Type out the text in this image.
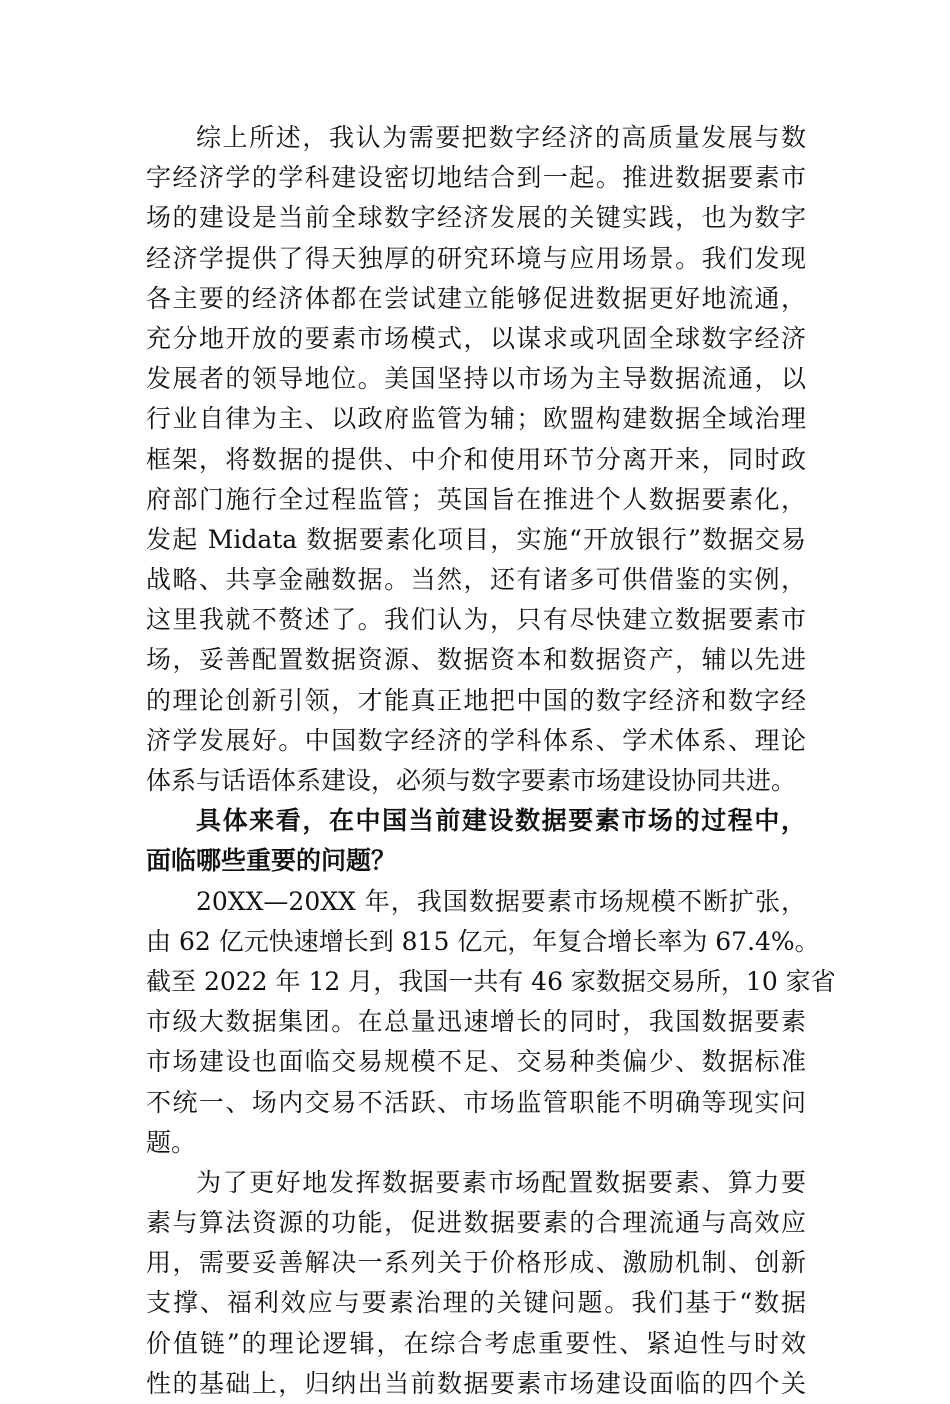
综上所述，我认为需要把数字经济的高质量发展与数
字经济学的学科建设密切地结合到一起。推进数据要素市
场的建设是当前全球数字经济发展的关键实践，也为数字
经济学提供了得天独厚的研究环境与应用场景。我们发现
各主要的经济体都在尝试建立能够促进数据更好地流通，
充分地开放的要素市场模式，以谋求或巩固全球数字经济
发展者的领导地位。美国坚持以市场为主导数据流通，以
行业自律为主、以政府监管为辅；欧盟构建数据全域治理
框架，将数据的提供、中介和使用环节分离开来，同时政
府部门施行全过程监管；英国旨在推进个人数据要素化，
发起 Midata 数据要素化项目，实施“开放银行”数据交易
战略、共享金融数据。当然，还有诸多可供借鉴的实例，
这里我就不赘述了。我们认为，只有尽快建立数据要素市
场，妥善配置数据资源、数据资本和数据资产，辅以先进
的理论创新引领，才能真正地把中国的数字经济和数字经
济学发展好。中国数字经济的学科体系、学术体系、理论
体系与话语体系建设，必须与数字要素市场建设协同共进。
具体来看，在中国当前建设数据要素市场的过程中，
面临哪些重要的问题？
20XX—20XX 年，我国数据要素市场规模不断扩张，
由 62 亿元快速增长到 815 亿元，年复合增长率为 67.4%。
截至 2022 年 12 月，我国一共有 46 家数据交易所，10 家省
市级大数据集团。在总量迅速增长的同时，我国数据要素
市场建设也面临交易规模不足、交易种类偏少、数据标准
不统一、场内交易不活跃、市场监管职能不明确等现实问
题。
为了更好地发挥数据要素市场配置数据要素、算力要
素与算法资源的功能，促进数据要素的合理流通与高效应
用，需要妥善解决一系列关于价格形成、激励机制、创新
支撑、福利效应与要素治理的关键问题。我们基于“数据
价值链”的理论逻辑，在综合考虑重要性、紧迫性与时效
性的基础上，归纳出当前数据要素市场建设面临的四个关
